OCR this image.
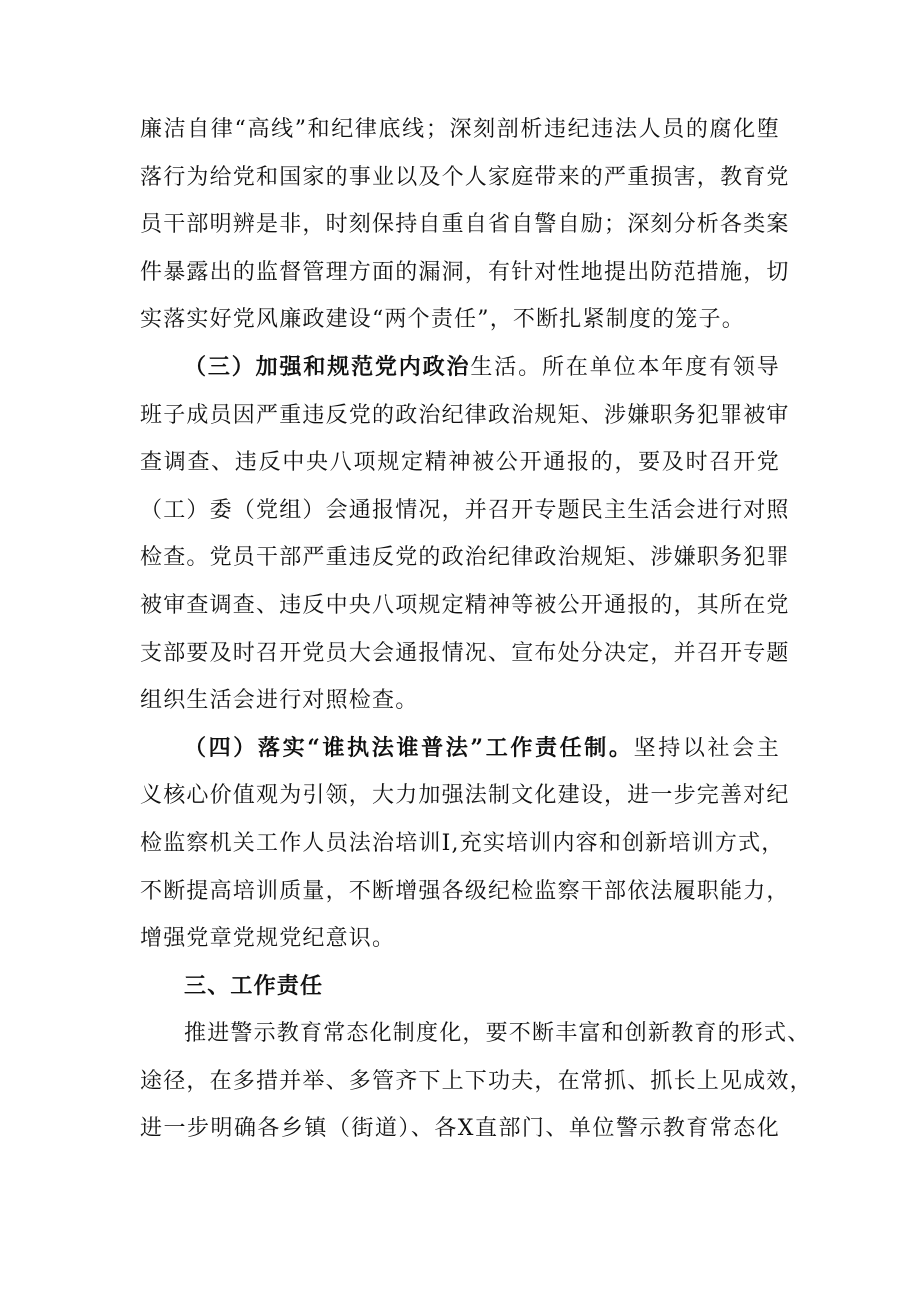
廉洁自律“高线”和纪律底线；深刻剖析违纪违法人员的腐化堕
落行为给党和国家的事业以及个人家庭带来的严重损害，教育党
员干部明辨是非，时刻保持自重自省自警自励；深刻分析各类案
件暴露出的监督管理方面的漏洞，有针对性地提出防范措施，切
实落实好党风廉政建设“两个责任”，不断扎紧制度的笼子。
（三）加强和规范党内政治生活。所在单位本年度有领导
班子成员因严重违反党的政治纪律政治规矩、涉嫌职务犯罪被审
查调查、违反中央八项规定精神被公开通报的，要及时召开党
（工）委（党组）会通报情况，并召开专题民主生活会进行对照
检查。党员干部严重违反党的政治纪律政治规矩、涉嫌职务犯罪
被审查调查、违反中央八项规定精神等被公开通报的，其所在党
支部要及时召开党员大会通报情况、宣布处分决定，并召开专题
组织生活会进行对照检查。
（四）落实“谁执法谁普法”工作责任制。坚持以社会主
义核心价值观为引领，大力加强法制文化建设，进一步完善对纪
检监察机关工作人员法治培训I,充实培训内容和创新培训方式，
不断提高培训质量，不断增强各级纪检监察干部依法履职能力，
增强党章党规党纪意识。
三、工作责任
推进警示教育常态化制度化，要不断丰富和创新教育的形式、
途径，在多措并举、多管齐下上下功夫，在常抓、抓长上见成效，
进一步明确各乡镇（街道）、各X直部门、单位警示教育常态化
